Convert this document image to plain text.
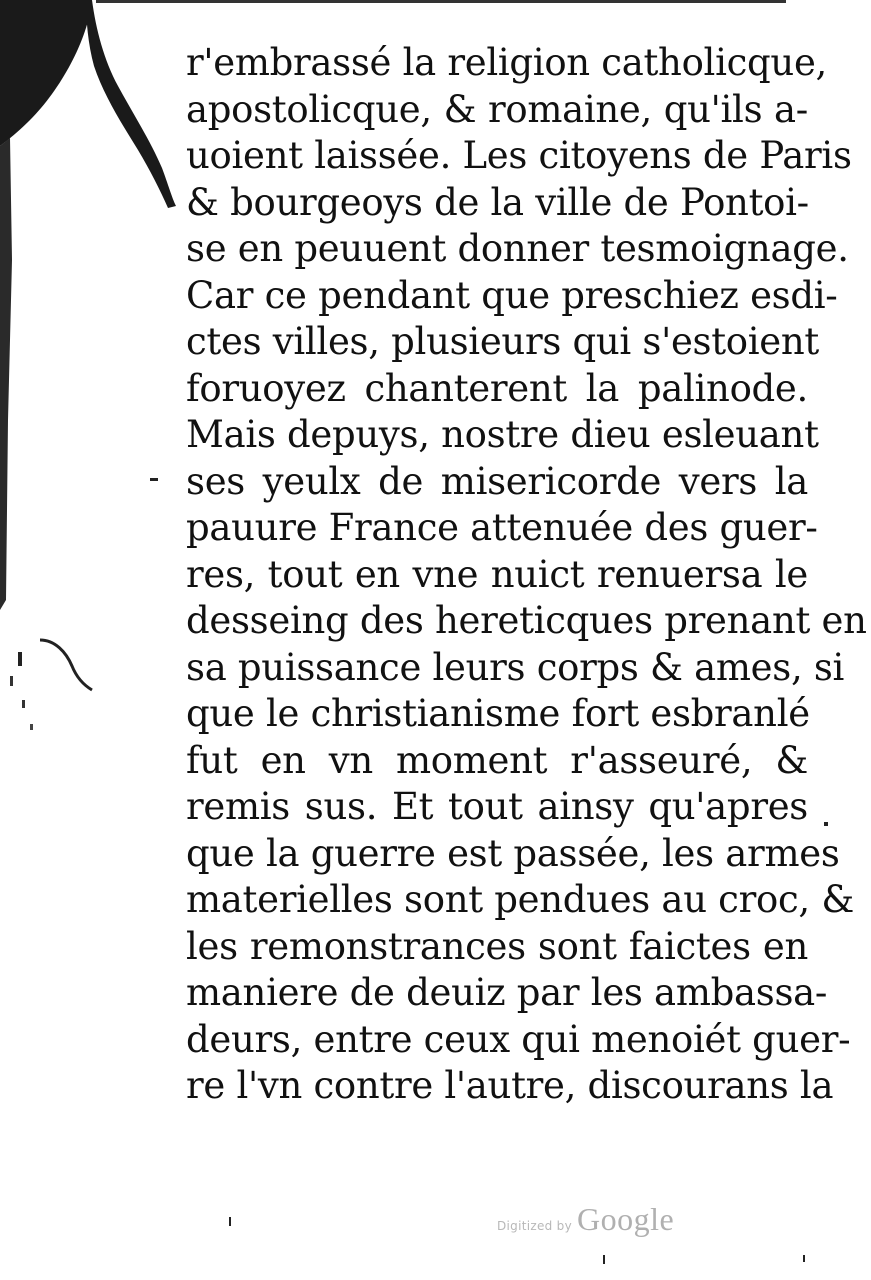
r'embrassé la religion catholicque,
apostolicque, & romaine, qu'ils a-
uoient laissée. Les citoyens de Paris
& bourgeoys de la ville de Pontoi-
se en peuuent donner tesmoignage.
Car ce pendant que preschiez esdi-
ctes villes, plusieurs qui s'estoient
foruoyez chanterent la palinode.
Mais depuys, nostre dieu esleuant
ses yeulx de misericorde vers la
pauure France attenuée des guer-
res, tout en vne nuict renuersa le
desseing des hereticques prenant en
sa puissance leurs corps & ames, si
que le christianisme fort esbranlé
fut en vn moment r'asseuré, &
remis sus. Et tout ainsy qu'apres
que la guerre est passée, les armes
materielles sont pendues au croc, &
les remonstrances sont faictes en
maniere de deuiz par les ambassa-
deurs, entre ceux qui menoiét guer-
re l'vn contre l'autre, discourans la
Digitized by Google
